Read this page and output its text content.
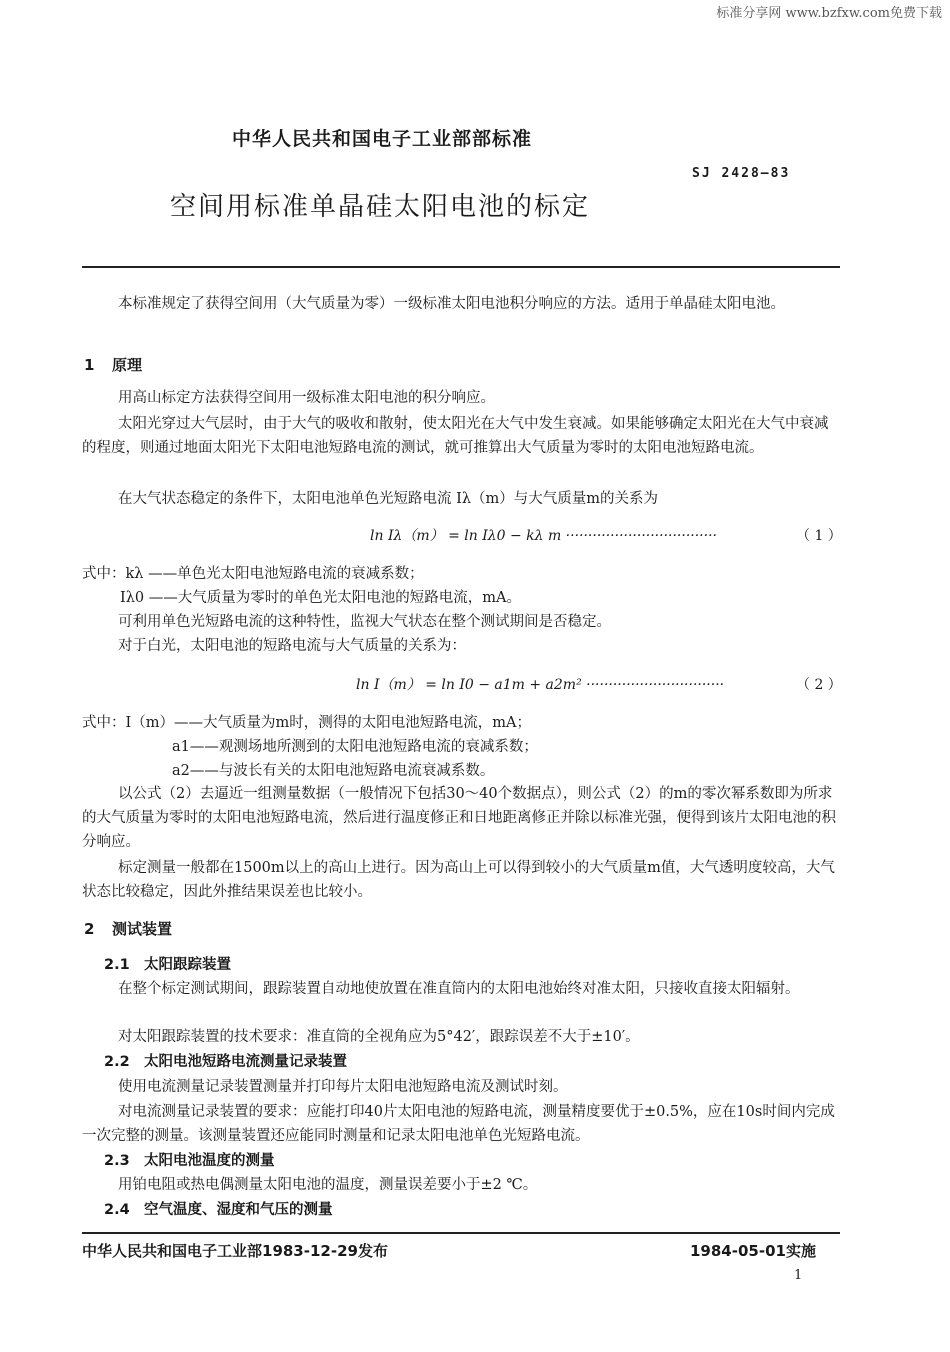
标准分享网 www.bzfxw.com免费下载
中华人民共和国电子工业部部标准
SJ 2428—83
空间用标准单晶硅太阳电池的标定
本标准规定了获得空间用（大气质量为零）一级标准太阳电池积分响应的方法。适用于单晶硅太阳电池。
1 原理
用高山标定方法获得空间用一级标准太阳电池的积分响应。
太阳光穿过大气层时，由于大气的吸收和散射，使太阳光在大气中发生衰减。如果能够确定太阳光在大气中衰减的程度，则通过地面太阳光下太阳电池短路电流的测试，就可推算出大气质量为零时的太阳电池短路电流。
在大气状态稳定的条件下，太阳电池单色光短路电流 Iλ（m）与大气质量m的关系为
ln Iλ（m） = ln Iλ0 − kλ m ··································	（ 1 ）
式中：kλ ——单色光太阳电池短路电流的衰减系数；
Iλ0 ——大气质量为零时的单色光太阳电池的短路电流，mA。
可利用单色光短路电流的这种特性，监视大气状态在整个测试期间是否稳定。
对于白光，太阳电池的短路电流与大气质量的关系为：
ln I（m） = ln I0 − a1m + a2m² ·······························	（ 2 ）
式中：I（m）——大气质量为m时，测得的太阳电池短路电流，mA；
a1——观测场地所测到的太阳电池短路电流的衰减系数；
a2——与波长有关的太阳电池短路电流衰减系数。
以公式（2）去逼近一组测量数据（一般情况下包括30～40个数据点），则公式（2）的m的零次幂系数即为所求的大气质量为零时的太阳电池短路电流，然后进行温度修正和日地距离修正并除以标准光强，便得到该片太阳电池的积分响应。
标定测量一般都在1500m以上的高山上进行。因为高山上可以得到较小的大气质量m值，大气透明度较高，大气状态比较稳定，因此外推结果误差也比较小。
2 测试装置
2.1 太阳跟踪装置
在整个标定测试期间，跟踪装置自动地使放置在准直筒内的太阳电池始终对准太阳，只接收直接太阳辐射。
对太阳跟踪装置的技术要求：准直筒的全视角应为5°42′，跟踪误差不大于±10′。
2.2 太阳电池短路电流测量记录装置
使用电流测量记录装置测量并打印每片太阳电池短路电流及测试时刻。
对电流测量记录装置的要求：应能打印40片太阳电池的短路电流，测量精度要优于±0.5%，应在10s时间内完成一次完整的测量。该测量装置还应能同时测量和记录太阳电池单色光短路电流。
2.3 太阳电池温度的测量
用铂电阻或热电偶测量太阳电池的温度，测量误差要小于±2 ℃。
2.4 空气温度、湿度和气压的测量
中华人民共和国电子工业部1983-12-29发布	1984-05-01实施
1
